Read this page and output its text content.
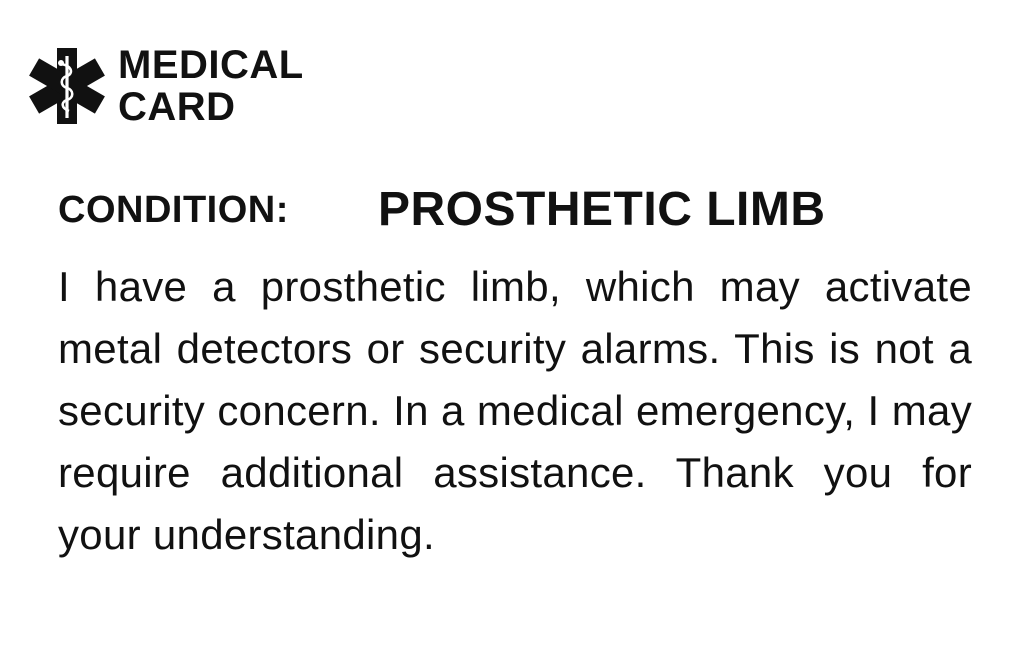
MEDICAL
CARD
CONDITION: PROSTHETIC LIMB

I have a prosthetic limb, which may activate metal detectors or security alarms. This is not a security concern. In a medical emergency, I may require additional assistance. Thank you for your understanding.
